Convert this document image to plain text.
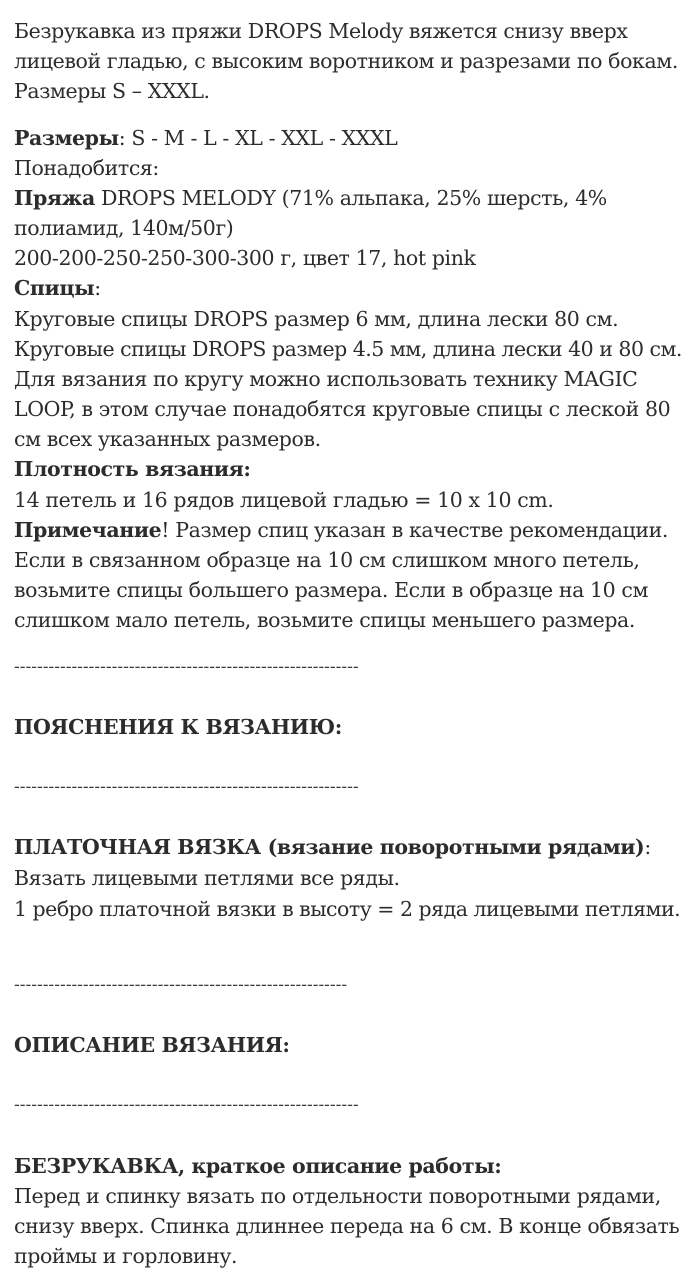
Безрукавка из пряжи DROPS Melody вяжется снизу вверх

лицевой гладью, с высоким воротником и разрезами по бокам.

Размеры S – XXXL.

Размеры: S - M - L - XL - XXL - XXXL

Понадобится:

Пряжа DROPS MELODY (71% альпака, 25% шерсть, 4%

полиамид, 140м/50г)

200-200-250-250-300-300 г, цвет 17, hot pink

Спицы:

Круговые спицы DROPS размер 6 мм, длина лески 80 см.

Круговые спицы DROPS размер 4.5 мм, длина лески 40 и 80 см.

Для вязания по кругу можно использовать технику MAGIC

LOOP, в этом случае понадобятся круговые спицы с леской 80

см всех указанных размеров.

Плотность вязания:

14 петель и 16 рядов лицевой гладью = 10 х 10 cm.

Примечание! Размер спиц указан в качестве рекомендации.

Если в связанном образце на 10 см слишком много петель,

возьмите спицы большего размера. Если в образце на 10 см

слишком мало петель, возьмите спицы меньшего размера.

------------------------------------------------------------

ПОЯСНЕНИЯ К ВЯЗАНИЮ:

------------------------------------------------------------

ПЛАТОЧНАЯ ВЯЗКА (вязание поворотными рядами):

Вязать лицевыми петлями все ряды.

1 ребро платочной вязки в высоту = 2 ряда лицевыми петлями.

----------------------------------------------------------

ОПИСАНИЕ ВЯЗАНИЯ:

------------------------------------------------------------

БЕЗРУКАВКА, краткое описание работы:

Перед и спинку вязать по отдельности поворотными рядами,

снизу вверх. Спинка длиннее переда на 6 см. В конце обвязать

проймы и горловину.
